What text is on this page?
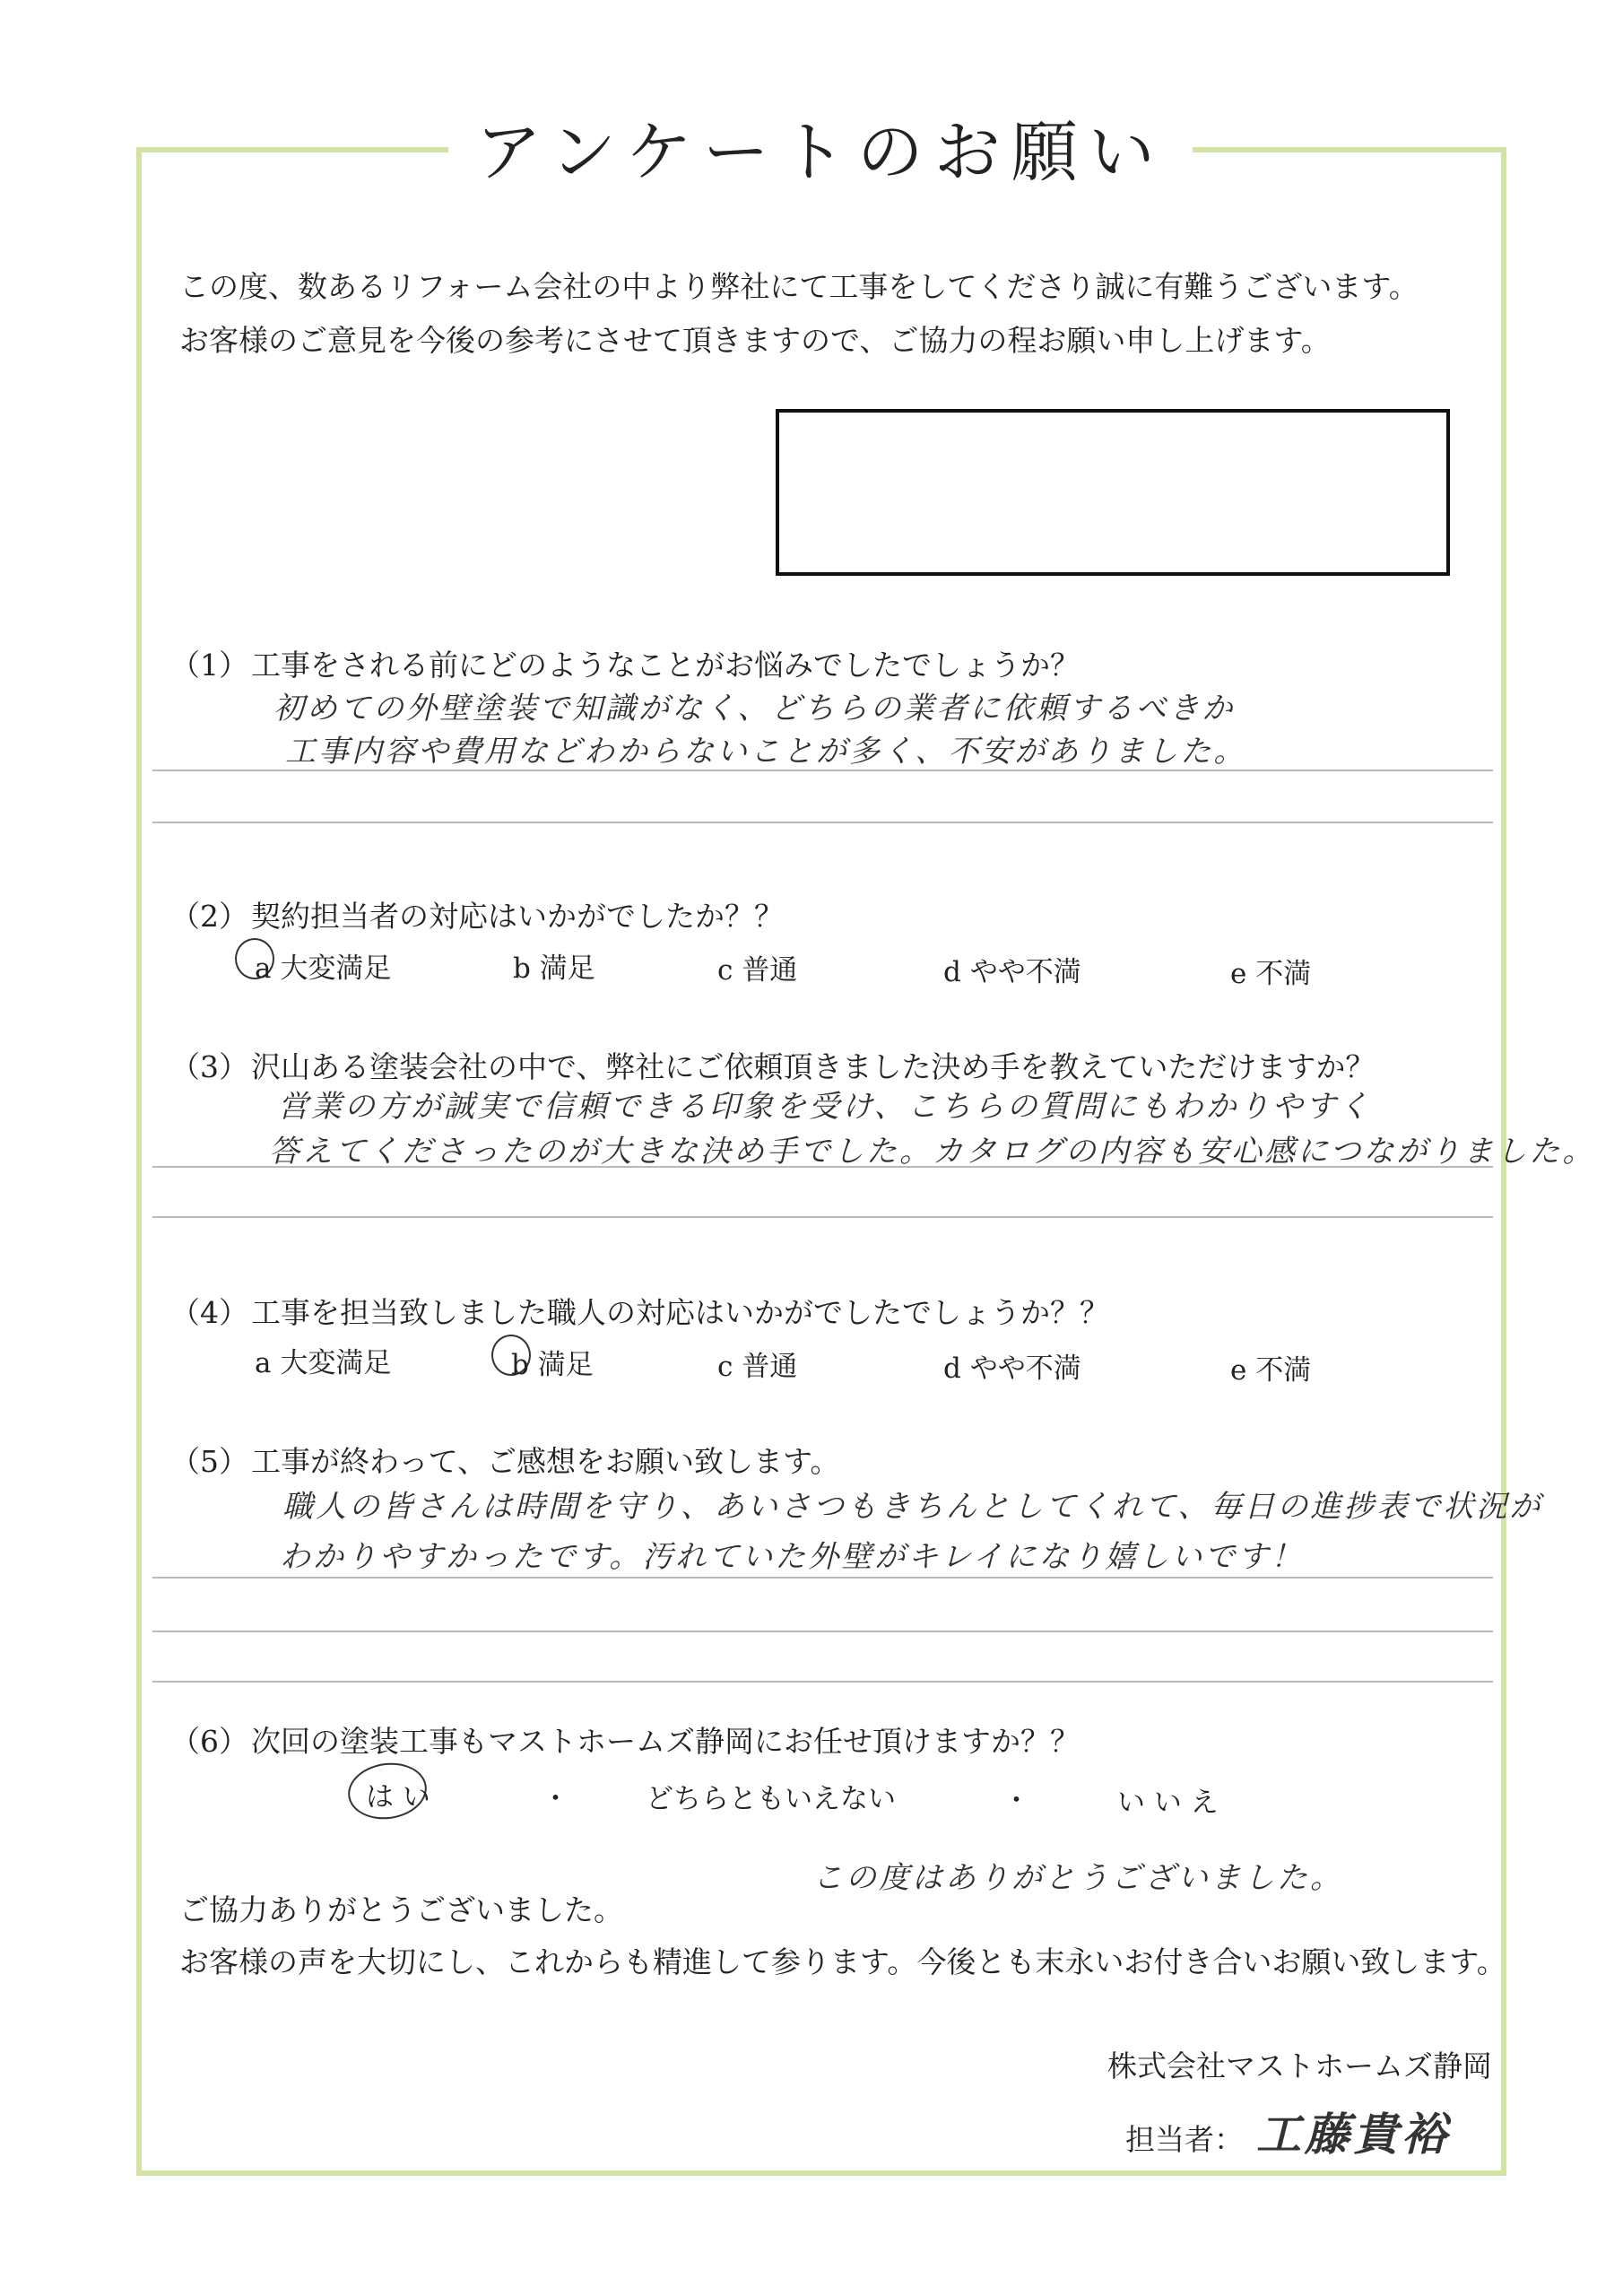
アンケートのお願い
この度、数あるリフォーム会社の中より弊社にて工事をしてくださり誠に有難うございます。
お客様のご意見を今後の参考にさせて頂きますので、ご協力の程お願い申し上げます。
（1）工事をされる前にどのようなことがお悩みでしたでしょうか？
初めての外壁塗装で知識がなく、どちらの業者に依頼するべきか
工事内容や費用などわからないことが多く、不安がありました。
（2）契約担当者の対応はいかがでしたか？？
a 大変満足	b 満足	c 普通	d やや不満	e 不満
（3）沢山ある塗装会社の中で、弊社にご依頼頂きました決め手を教えていただけますか？
営業の方が誠実で信頼できる印象を受け、こちらの質問にもわかりやすく
答えてくださったのが大きな決め手でした。カタログの内容も安心感につながりました。
（4）工事を担当致しました職人の対応はいかがでしたでしょうか？？
a 大変満足	b 満足	c 普通	d やや不満	e 不満
（5）工事が終わって、ご感想をお願い致します。
職人の皆さんは時間を守り、あいさつもきちんとしてくれて、毎日の進捗表で状況が
わかりやすかったです。汚れていた外壁がキレイになり嬉しいです！
（6）次回の塗装工事もマストホームズ静岡にお任せ頂けますか？？
は い	・	どちらともいえない	・	い い え
この度はありがとうございました。
ご協力ありがとうございました。
お客様の声を大切にし、これからも精進して参ります。今後とも末永いお付き合いお願い致します。
株式会社マストホームズ静岡
担当者： 工藤貴裕
